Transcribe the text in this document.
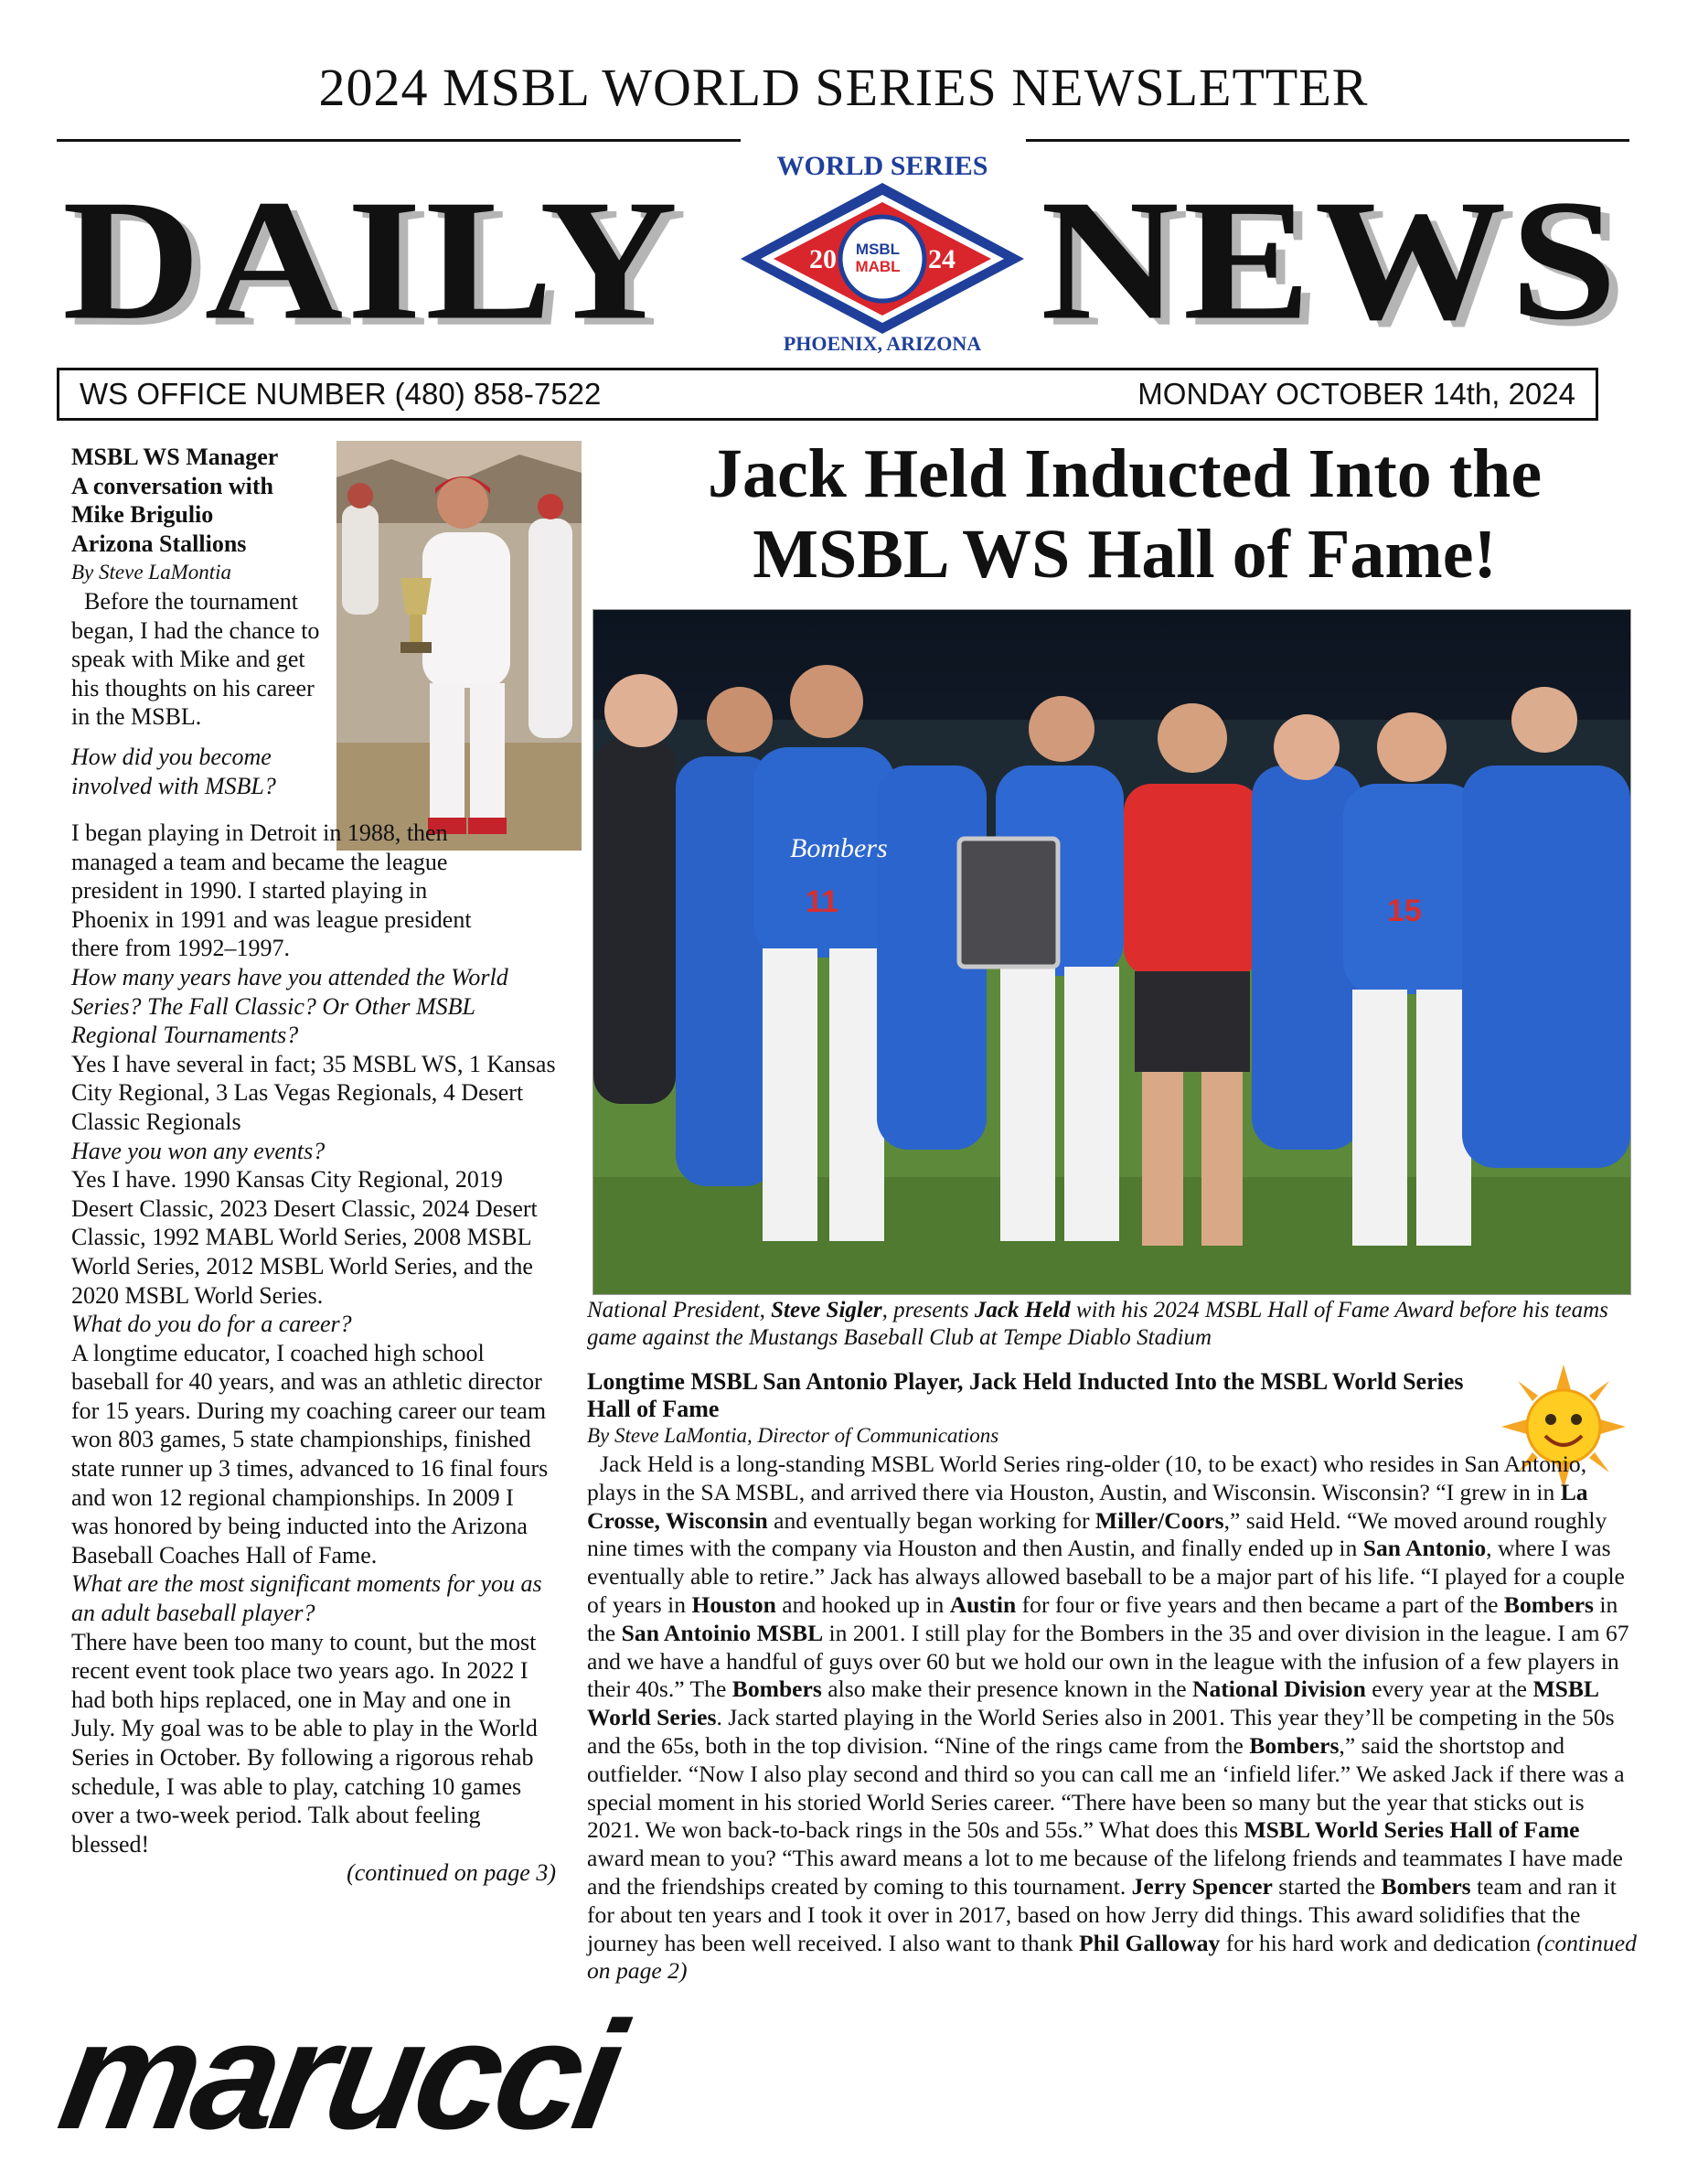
2024 MSBL WORLD SERIES NEWSLETTER
DAILY NEWS
WORLD SERIES
20	24
MSBL
MABL
PHOENIX, ARIZONA
WS OFFICE NUMBER (480) 858-7522	MONDAY OCTOBER 14th, 2024
MSBL WS Manager
A conversation with
Mike Brigulio
Arizona Stallions
By Steve LaMontia
Before the tournament began, I had the chance to speak with Mike and get his thoughts on his career in the MSBL.
How did you become involved with MSBL?

I began playing in Detroit in 1988, then managed a team and became the league president in 1990. I started playing in Phoenix in 1991 and was league president there from 1992–1997.

How many years have you attended the World Series? The Fall Classic? Or Other MSBL Regional Tournaments?

Yes I have several in fact; 35 MSBL WS, 1 Kansas City Regional, 3 Las Vegas Regionals, 4 Desert Classic Regionals

Have you won any events?

Yes I have. 1990 Kansas City Regional, 2019 Desert Classic, 2023 Desert Classic, 2024 Desert Classic, 1992 MABL World Series, 2008 MSBL World Series, 2012 MSBL World Series, and the 2020 MSBL World Series.

What do you do for a career?

A longtime educator, I coached high school baseball for 40 years, and was an athletic director for 15 years. During my coaching career our team won 803 games, 5 state championships, finished state runner up 3 times, advanced to 16 final fours and won 12 regional championships. In 2009 I was honored by being inducted into the Arizona Baseball Coaches Hall of Fame.

What are the most significant moments for you as an adult baseball player?

There have been too many to count, but the most recent event took place two years ago. In 2022 I had both hips replaced, one in May and one in July. My goal was to be able to play in the World Series in October. By following a rigorous rehab schedule, I was able to play, catching 10 games over a two-week period. Talk about feeling blessed!

(continued on page 3)

marucci
Jack Held Inducted Into the
MSBL WS Hall of Fame!
Bombers
11	15
National President, Steve Sigler, presents Jack Held with his 2024 MSBL Hall of Fame Award before his teams game against the Mustangs Baseball Club at Tempe Diablo Stadium
Longtime MSBL San Antonio Player, Jack Held Inducted Into the MSBL World Series Hall of Fame
By Steve LaMontia, Director of Communications

Jack Held is a long-standing MSBL World Series ring-older (10, to be exact) who resides in San Antonio, plays in the SA MSBL, and arrived there via Houston, Austin, and Wisconsin. Wisconsin? “I grew in in La Crosse, Wisconsin and eventually began working for Miller/Coors,” said Held. “We moved around roughly nine times with the company via Houston and then Austin, and finally ended up in San Antonio, where I was eventually able to retire.” Jack has always allowed baseball to be a major part of his life. “I played for a couple of years in Houston and hooked up in Austin for four or five years and then became a part of the Bombers in the San Antoinio MSBL in 2001. I still play for the Bombers in the 35 and over division in the league. I am 67 and we have a handful of guys over 60 but we hold our own in the league with the infusion of a few players in their 40s.” The Bombers also make their presence known in the National Division every year at the MSBL World Series. Jack started playing in the World Series also in 2001. This year they’ll be competing in the 50s and the 65s, both in the top division. “Nine of the rings came from the Bombers,” said the shortstop and outfielder. “Now I also play second and third so you can call me an ‘infield lifer.” We asked Jack if there was a special moment in his storied World Series career. “There have been so many but the year that sticks out is 2021. We won back-to-back rings in the 50s and 55s.” What does this MSBL World Series Hall of Fame award mean to you? “This award means a lot to me because of the lifelong friends and teammates I have made and the friendships created by coming to this tournament. Jerry Spencer started the Bombers team and ran it for about ten years and I took it over in 2017, based on how Jerry did things. This award solidifies that the journey has been well received. I also want to thank Phil Galloway for his hard work and dedication (continued on page 2)
